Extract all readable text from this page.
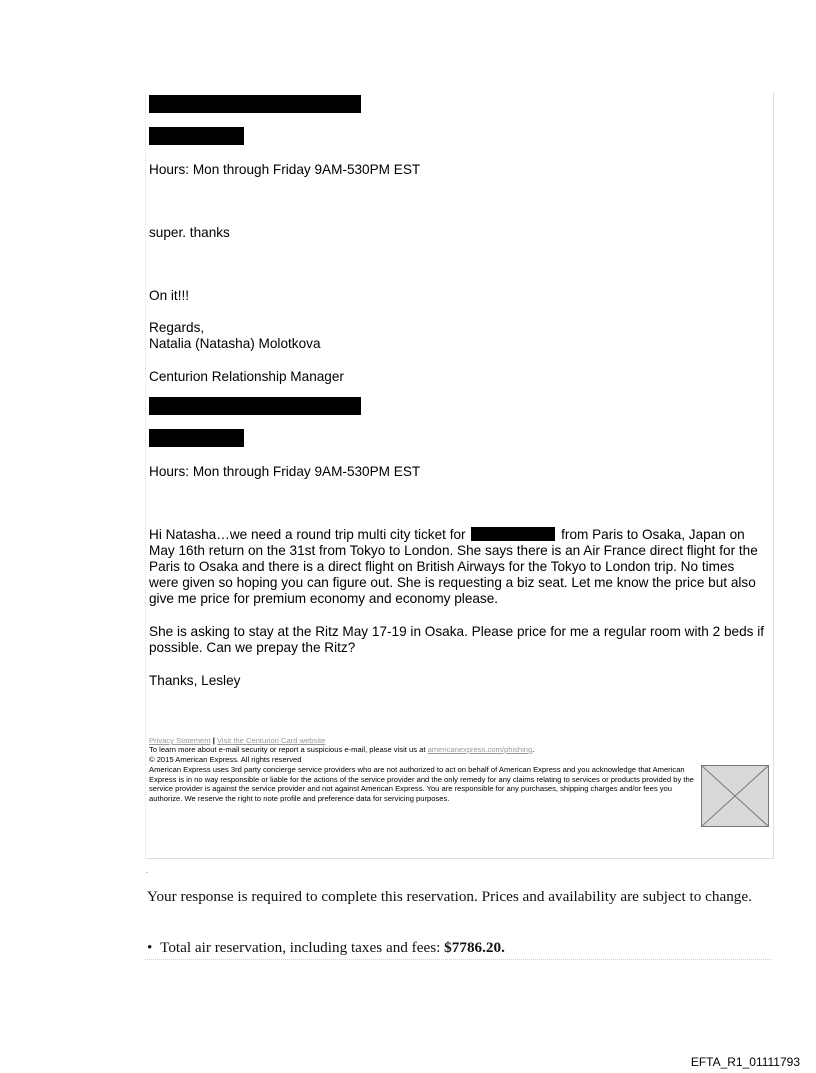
Hours: Mon through Friday 9AM-530PM EST
super. thanks
On it!!!
Regards,
Natalia (Natasha) Molotkova
Centurion Relationship Manager
Hours: Mon through Friday 9AM-530PM EST
Hi Natasha…we need a round trip multi city ticket for	from Paris to Osaka, Japan on May 16th return on the 31st from Tokyo to London. She says there is an Air France direct flight for the Paris to Osaka and there is a direct flight on British Airways for the Tokyo to London trip. No times were given so hoping you can figure out. She is requesting a biz seat. Let me know the price but also give me price for premium economy and economy please.
She is asking to stay at the Ritz May 17-19 in Osaka. Please price for me a regular room with 2 beds if possible. Can we prepay the Ritz?
Thanks, Lesley
Privacy Statement | Visit the Centurion Card website
To learn more about e-mail security or report a suspicious e-mail, please visit us at americanexpress.com/phishing.
© 2015 American Express. All rights reserved
American Express uses 3rd party concierge service providers who are not authorized to act on behalf of American Express and you acknowledge that American Express is in no way responsible or liable for the actions of the service provider and the only remedy for any claims relating to services or products provided by the service provider is against the service provider and not against American Express. You are responsible for any purchases, shipping charges and/or fees you authorize. We reserve the right to note profile and preference data for servicing purposes.
.
Your response is required to complete this reservation. Prices and availability are subject to change.
• Total air reservation, including taxes and fees: $7786.20.
EFTA_R1_01111793
